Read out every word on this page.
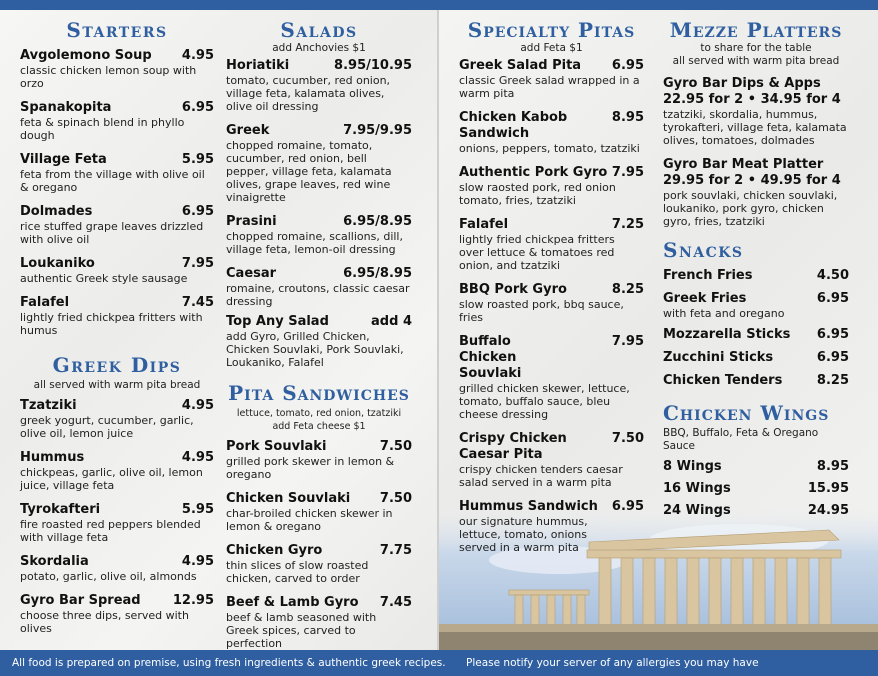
Starters
Avgolemono Soup 4.95
classic chicken lemon soup with orzo
Spanakopita	6.95
feta & spinach blend in phyllo dough
Village Feta	5.95
feta from the village with olive oil & oregano
Dolmades	6.95
rice stuffed grape leaves drizzled with olive oil
Loukaniko	7.95
authentic Greek style sausage
Falafel	7.45
lightly fried chickpea fritters with humus
Greek Dips
all served with warm pita bread
Tzatziki	4.95
greek yogurt, cucumber, garlic, olive oil, lemon juice
Hummus	4.95
chickpeas, garlic, olive oil, lemon juice, village feta
Tyrokafteri	5.95
fire roasted red peppers blended with village feta
Skordalia	4.95
potato, garlic, olive oil, almonds
Gyro Bar Spread 12.95
choose three dips, served with olives
Salads
add Anchovies $1
Horiatiki	8.95/10.95
tomato, cucumber, red onion, village feta, kalamata olives, olive oil dressing
Greek	7.95/9.95
chopped romaine, tomato, cucumber, red onion, bell pepper, village feta, kalamata olives, grape leaves, red wine vinaigrette
Prasini	6.95/8.95
chopped romaine, scallions, dill, village feta, lemon-oil dressing
Caesar	6.95/8.95
romaine, croutons, classic caesar dressing
Top Any Salad	add 4
add Gyro, Grilled Chicken, Chicken Souvlaki, Pork Souvlaki, Loukaniko, Falafel
Pita Sandwiches
lettuce, tomato, red onion, tzatziki
add Feta cheese $1
Pork Souvlaki	7.50
grilled pork skewer in lemon & oregano
Chicken Souvlaki 7.50
char-broiled chicken skewer in lemon & oregano
Chicken Gyro	7.75
thin slices of slow roasted chicken, carved to order
Beef & Lamb Gyro 7.45
beef & lamb seasoned with Greek spices, carved to perfection
Specialty Pitas
add Feta $1
Greek Salad Pita 6.95
classic Greek salad wrapped in a warm pita
Chicken Kabob Sandwich
8.95
onions, peppers, tomato, tzatziki
Authentic Pork Gyro 7.95
slow raosted pork, red onion tomato, fries, tzatziki
Falafel	7.25
lightly fried chickpea fritters over lettuce & tomatoes red onion, and tzatziki
BBQ Pork Gyro	8.25
slow roasted pork, bbq sauce, fries
Buffalo Chicken Souvlaki
7.95
grilled chicken skewer, lettuce, tomato, buffalo sauce, bleu cheese dressing
Crispy Chicken Caesar Pita
7.50
crispy chicken tenders caesar salad served in a warm pita
Hummus Sandwich 6.95
our signature hummus, lettuce, tomato, onions served in a warm pita
Mezze Platters
to share for the table
all served with warm pita bread
Gyro Bar Dips & Apps
22.95 for 2 • 34.95 for 4
tzatziki, skordalia, hummus, tyrokafteri, village feta, kalamata olives, tomatoes, dolmades
Gyro Bar Meat Platter
29.95 for 2 • 49.95 for 4
pork souvlaki, chicken souvlaki, loukaniko, pork gyro, chicken gyro, fries, tzatziki
Snacks
French Fries	4.50
Greek Fries	6.95
with feta and oregano
Mozzarella Sticks 6.95
Zucchini Sticks	6.95
Chicken Tenders	8.25
Chicken Wings
BBQ, Buffalo, Feta & Oregano Sauce
8 Wings	8.95
16 Wings	15.95
24 Wings	24.95
All food is prepared on premise, using fresh ingredients & authentic greek recipes. Please notify your server of any allergies you may have
